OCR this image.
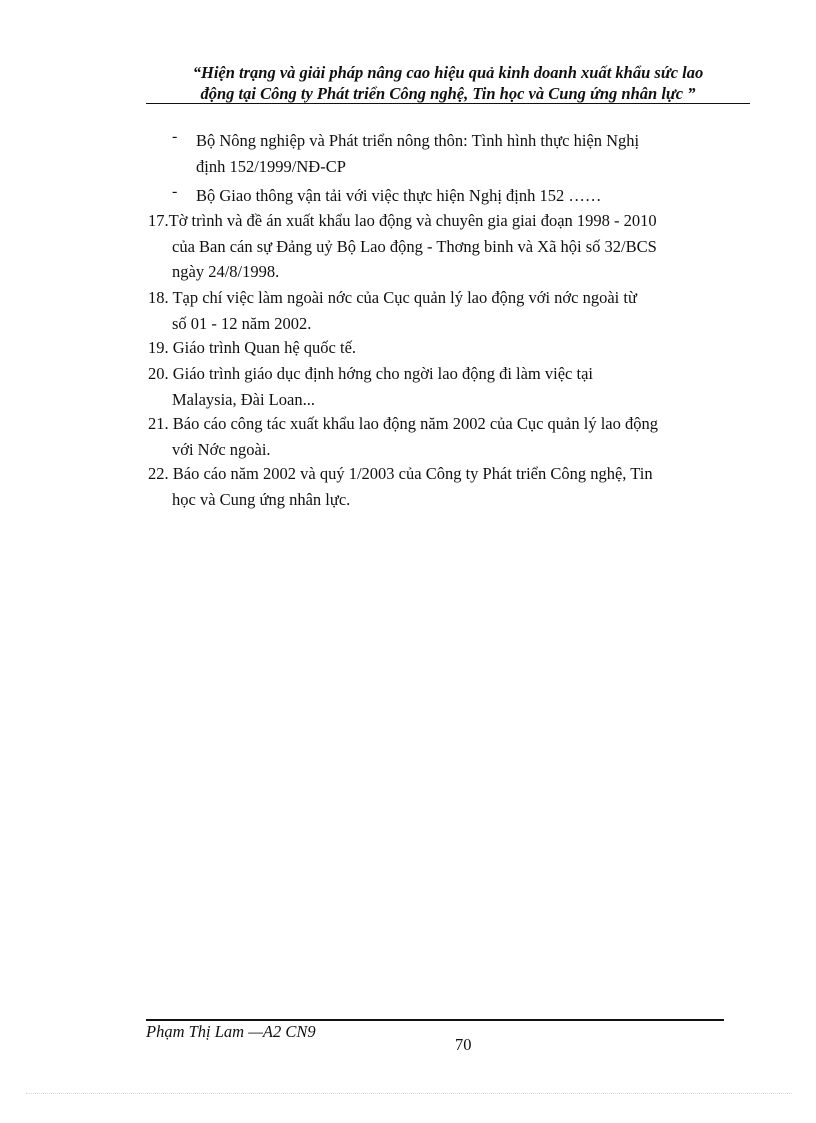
“Hiện trạng và giải pháp nâng cao hiệu quả kinh doanh xuất khẩu sức lao
động tại Công ty Phát triển Công nghệ, Tin học và Cung ứng nhân lực ”
- Bộ Nông nghiệp và Phát triển nông thôn: Tình hình thực hiện Nghị
định 152/1999/NĐ-CP
- Bộ Giao thông vận tải với việc thực hiện Nghị định 152 ……
17.Tờ trình và đề án xuất khẩu lao động và chuyên gia giai đoạn 1998 - 2010
của Ban cán sự Đảng uỷ Bộ Lao động - Thơng binh và Xã hội số 32/BCS
ngày 24/8/1998.
18. Tạp chí việc làm ngoài nớc của Cục quản lý lao động với nớc ngoài từ
số 01 - 12 năm 2002.
19. Giáo trình Quan hệ quốc tế.
20. Giáo trình giáo dục định hớng cho ngời lao động đi làm việc tại
Malaysia, Đài Loan...
21. Báo cáo công tác xuất khẩu lao động năm 2002 của Cục quản lý lao động
với Nớc ngoài.
22. Báo cáo năm 2002 và quý 1/2003 của Công ty Phát triển Công nghệ, Tin
học và Cung ứng nhân lực.
Phạm Thị Lam —A2 CN9
70
